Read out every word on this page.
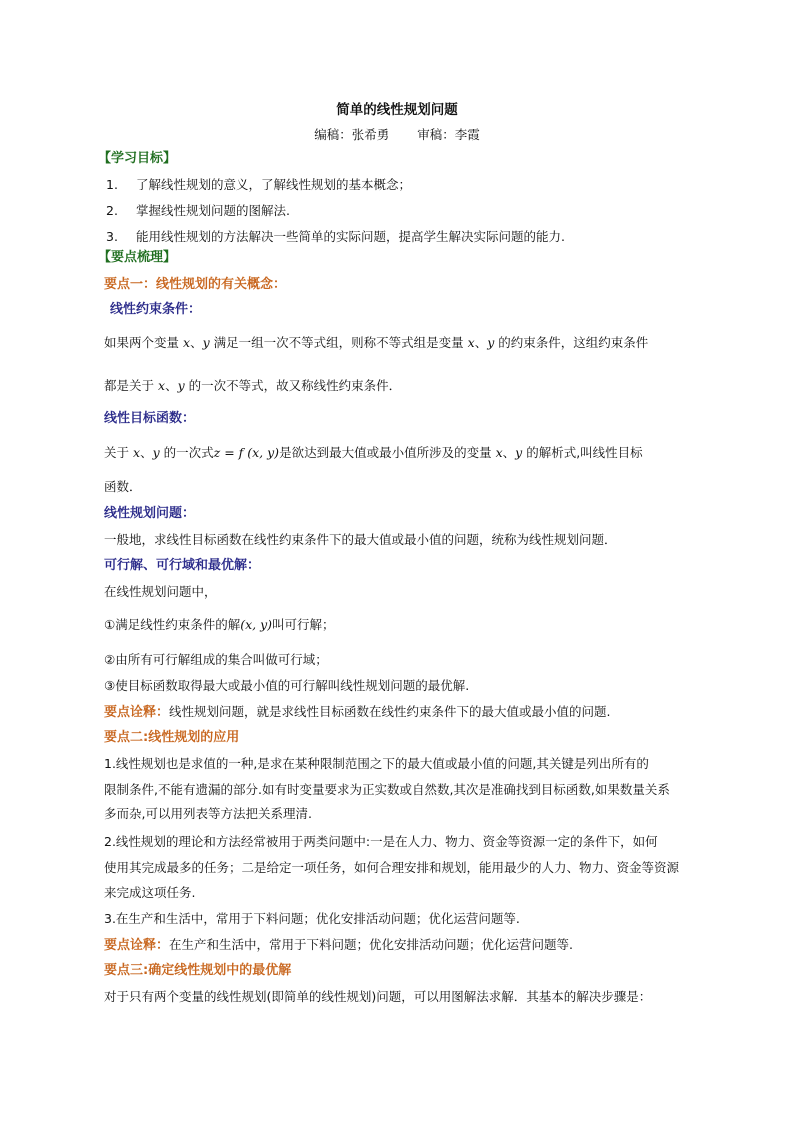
简单的线性规划问题
编稿：张希勇 审稿：李霞
【学习目标】
1. 了解线性规划的意义，了解线性规划的基本概念；
2. 掌握线性规划问题的图解法.
3. 能用线性规划的方法解决一些简单的实际问题，提高学生解决实际问题的能力.
【要点梳理】
要点一：线性规划的有关概念：
线性约束条件：
如果两个变量 x、y 满足一组一次不等式组，则称不等式组是变量 x、y 的约束条件，这组约束条件
都是关于 x、y 的一次不等式，故又称线性约束条件．
线性目标函数：
关于 x、y 的一次式z = f (x, y)是欲达到最大值或最小值所涉及的变量 x、y 的解析式,叫线性目标
函数．
线性规划问题：
一般地，求线性目标函数在线性约束条件下的最大值或最小值的问题，统称为线性规划问题．
可行解、可行域和最优解：
在线性规划问题中，
①满足线性约束条件的解(x, y)叫可行解；
②由所有可行解组成的集合叫做可行域；
③使目标函数取得最大或最小值的可行解叫线性规划问题的最优解.
要点诠释：线性规划问题，就是求线性目标函数在线性约束条件下的最大值或最小值的问题.
要点二:线性规划的应用
1.线性规划也是求值的一种,是求在某种限制范围之下的最大值或最小值的问题,其关键是列出所有的
限制条件,不能有遗漏的部分.如有时变量要求为正实数或自然数,其次是准确找到目标函数,如果数量关系
多而杂,可以用列表等方法把关系理清.
2.线性规划的理论和方法经常被用于两类问题中:一是在人力、物力、资金等资源一定的条件下，如何
使用其完成最多的任务；二是给定一项任务，如何合理安排和规划，能用最少的人力、物力、资金等资源
来完成这项任务.
3.在生产和生活中，常用于下料问题；优化安排活动问题；优化运营问题等.
要点诠释：在生产和生活中，常用于下料问题；优化安排活动问题；优化运营问题等.
要点三:确定线性规划中的最优解
对于只有两个变量的线性规划(即简单的线性规划)问题，可以用图解法求解．其基本的解决步骤是：
